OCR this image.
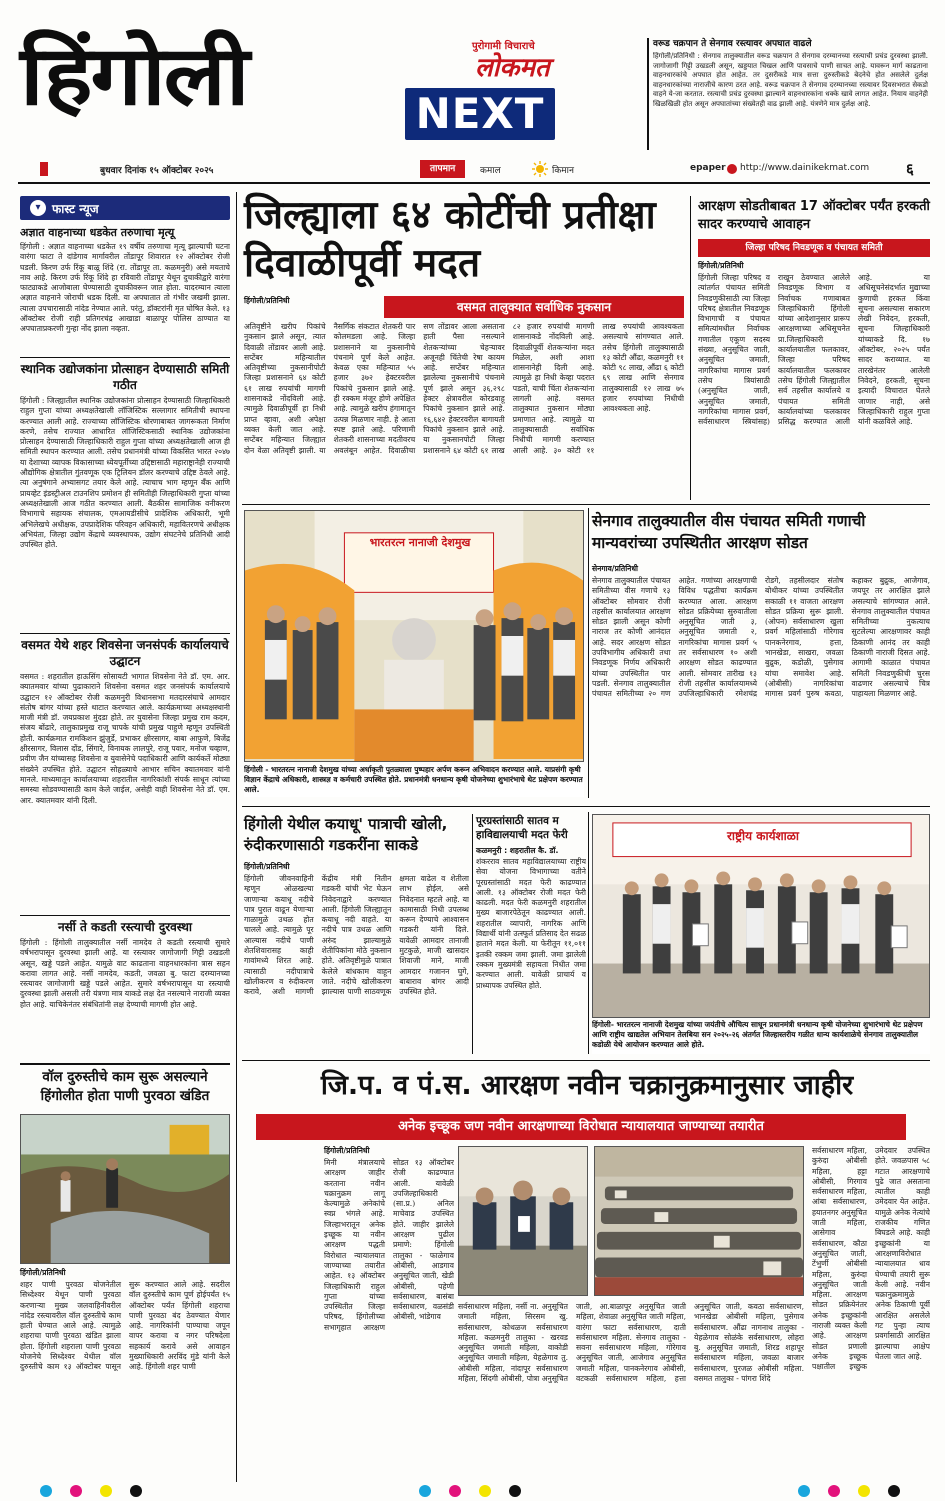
हिंगोली	पुरोगामी विचाराचे
लोकमत
NEXT
वरूड चक्रपान ते सेनगाव रस्त्यावर अपघात वाढले
हिंगोली/प्रतिनिधी : सेनगाव तालुक्यातील वरूड चक्रपान ते सेनगाव दरम्यानच्या रस्त्याची प्रचंड दुरवस्था झाली. जागोजागी गिट्टी उखडली असून, खड्डयात चिखल आणि पावसाचे पाणी साचत आहे. यावरून मार्ग काढताना वाहनधारकांचे अपघात होत आहेत. तर दुसरीकडे मात्र सत्ता दुरुस्तीकडे बेदनेचे होत असलेले दुर्लक्ष वाहनधारकांच्या नाराजीचे कारण ठरत आहे. वरूड चक्रपान ते सेनगाव दरम्यानच्या रस्त्यावर दिवसभरात सेकडो वाहने ये-जा करतात. रस्त्याची प्रचंड दुरवस्था झाल्याने वाहनधारकांना धक्के खावे लागत आहेत. नियाय वाहनेही खिळखिळी होत असून अपघातांच्या संख्येतही वाढ झाली आहे. यंत्रणेने मात्र दुर्लक्ष आहे.
बुधवार दिनांक १५ ऑक्टोबर २०२५	तापमान	कमाल	किमान	epaper http://www.dainikekmat.com ६
▾ फास्ट न्यूज
अज्ञात वाहनाच्या धडकेत तरुणाचा मृत्यू
हिंगोली : अज्ञात वाहनाच्या धडकेत १९ वर्षीय तरुणाचा मृत्यू झाल्याची घटना वारंगा फाटा ते दांडेगाव मार्गावरील तोंडापूर शिवारात १२ ऑक्टोबर रोजी घडली. किरण उर्फ रिंकू बाळू शिंदे (रा. तोंडापूर ता. कळमनुरी) असे मयताचे नाव आहे. किरण उर्फ रिंकू शिंदे हा रविवारी तोंडापूर येथून दुचाकीद्वारे वारंगा फाट्याकडे आजोबाला घेण्यासाठी दुचाकीवरून जात होता. यादरम्यान त्याला अज्ञात वाहनाने जोराची धडक दिली. या अपघातात तो गंभीर जखमी झाला. त्याला उपचारासाठी नांदेड नेण्यात आले. परंतु, डॉक्टरांनी मृत घोषित केले. १३ ऑक्टोबर रोजी राही प्रतिगरचंद्र आखाडा बाळापूर पोलिस ठाण्यात या अपघाताप्रकरणी गुन्हा नोंद झाला नव्हता.
स्थानिक उद्योजकांना प्रोत्साहन देण्यासाठी समिती गठीत
हिंगोली : जिल्ह्यातील स्थानिक उद्योजकांना प्रोत्साहन देण्यासाठी जिल्हाधिकारी राहुल गुप्ता यांच्या अध्यक्षतेखाली लॉजिस्टिक सल्लागार समितीची स्थापना करण्यात आली आहे. राज्याच्या लॉजिस्टिक धोरणाबाबत जागरूकता निर्माण करणे, तसेच राज्यात आधारित लॉजिस्टिकसाठी स्थानिक उद्योजकांना प्रोत्साहन देण्यासाठी जिल्हाधिकारी राहुल गुप्ता यांच्या अध्यक्षतेखाली आज ही समिती स्थापन करण्यात आली. तसेच प्रधानमंत्री यांच्या विकसित भारत २०४७ या देशाच्या व्यापक विकासाच्या ध्येयपूर्तीच्या उद्दिष्टासाठी महाराष्ट्रानेही राज्याची औद्योगिक क्षेत्रातील गुंतवणूक एक ट्रिलियन डॉलर करण्याचे उद्दिष्ट ठेवले आहे. त्या अनुषंगाने अभ्यासगट तयार केले आहे. त्याचाच भाग म्हणून बँक आणि प्रायव्हेट इंडस्ट्रीअल टाउनशिप प्रमोशन ही समितीही जिल्हाधिकारी गुप्ता यांच्या अध्यक्षतेखाली आज गठीत करण्यात आली. बैठकीस सामाजिक वनीकरण विभागाचे सहायक संचालक, एमआयडीसीचे प्रादेशिक अधिकारी, भूमी अभिलेखचे अधीक्षक, उपप्रादेशिक परिवहन अधिकारी, महावितरणचे अधीक्षक अभियंता, जिल्हा उद्योग केंद्राचे व्यवस्थापक, उद्योग संघटनेचे प्रतिनिधी आदी उपस्थित होते.
वसमत येथे शहर शिवसेना जनसंपर्क कार्यालयाचे उद्घाटन
वसमत : शहरातील हाऊसिंग सोसायटी भागात शिवसेना नेते डॉ. एम. आर. क्यातमवार यांच्या पुढाकाराने शिवसेना वसमत शहर जनसंपर्क कार्यालयाचे उद्घाटन १२ ऑक्टोबर रोजी कळमनुरी विधानसभा मतदारसंघाचे आमदार संतोष बांगर यांच्या हस्ते थाटात करण्यात आले. कार्यक्रमाच्या अध्यक्षस्थानी माजी मंत्री डॉ. जयप्रकाश मुंदडा होते. तर युवासेना जिल्हा प्रमुख राम कदम, संजय बोंढारे, तालुकाप्रमुख राजू चापके यांची प्रमुख पाहुणे म्हणून उपस्थिती होती. कार्यक्रमात रामकिशन झुंजुर्डे, प्रभाकर क्षीरसागर, बाबा आफुणे, बिजेंद्र क्षीरसागर, विलास दोंड, सिंगारे, विनायक लालपुरे, राजू पवार, मनोज चव्हाण, प्रवीण जैन यांच्यासह शिवसेना व युवासेनेचे पदाधिकारी आणि कार्यकर्ते मोठ्या संख्येने उपस्थित होते. उद्घाटन सोहळ्याचे आभार सचिन क्यातमवार यांनी मानले. माध्यमातून कार्यालयाच्या शहरातील नागरिकांशी संपर्क साधून त्यांच्या समस्या सोडवण्यासाठी काम केले जाईल, असेही वाही शिवसेना नेते डॉ. एम. आर. क्यातमवार यांनी दिली.
नर्सी ते कडती रस्त्याची दुरवस्था
हिंगोली : हिंगोली तालुक्यातील नर्सी नामदेव ते कडती रस्त्याची सुमारे वर्षभरापासून दुरवस्था झाली आहे. या रस्त्यावर जागोजागी गिट्टी उखडली असून, खड्डे पडले आहेत. यामुळे वाट काढताना वाहनधारकांना त्रास सहन करावा लागत आहे. नर्सी नामदेव, कडती, जवळा बु. फाटा दरम्यानच्या रस्त्यावर जागोजागी खड्डे पडले आहेत. सुमारे वर्षभरापासून या रस्त्याची दुरवस्था झाली असली तरी यंत्रणा मात्र याकडे लक्ष देत नसल्याने नाराजी व्यक्त होत आहे. याचिकेनंतर संबंधितांनी लक्ष देण्याची मागणी होत आहे.
जिल्ह्याला ६४ कोटींची प्रतीक्षा दिवाळीपूर्वी मदत
वसमत तालुक्यात सर्वाधिक नुकसान
हिंगोली/प्रतिनिधी
अतिवृष्टीने खरीप पिकांचे नुकसान झाले असून, त्यात दिवाळी तोंडावर आली आहे. सप्टेंबर महिन्यातील अतिवृष्टीच्या नुकसानीपोटी जिल्हा प्रशासनाने ६४ कोटी ६१ लाख रुपयांची मागणी शासनाकडे नोंदविली आहे. त्यामुळे दिवाळीपूर्वी हा निधी प्राप्त व्हावा, अशी अपेक्षा व्यक्त केली जात आहे. सप्टेंबर महिन्यात जिल्ह्यात दोन वेळा अतिवृष्टी झाली. या नैसर्गिक संकटात शेतकरी पार कोलमडला आहे. जिल्हा प्रशासनाने या नुकसानीचे पंचनामे पूर्ण केले आहेत. केवळ एका महिन्यात ५५ हजार ३७२ हेक्टरवरील पिकांचे नुकसान झाले आहे. ही रक्कम मंजूर होणे अपेक्षित आहे. त्यामुळे खरीप हंगामातून उत्पन्न मिळणार नाही. हे आता स्पष्ट झाले आहे. परिणामी शेतकरी शासनाच्या मदतीवरच अवलंबून आहेत. दिवाळीचा सण तोंडावर आला असताना हाती पैसा नसल्याने शेतकऱ्यांच्या चेहऱ्यावर अजूनही चिंतेची रेषा कायम आहे. सप्टेंबर महिन्यात झालेल्या नुकसानीचे पंचनामे पूर्ण झाले असून ३६,२९८ हेक्टर क्षेत्रावरील कोरडवाहू पिकांचे नुकसान झाले आहे. १६,६४२ हेक्टरवरील बागायती पिकांचे नुकसान झाले आहे. या नुकसानपोटी जिल्हा प्रशासनाने ६४ कोटी ६१ लाख ८२ हजार रुपयांची मागणी शासनाकडे नोंदविली आहे. दिवाळीपूर्वी शेतकऱ्यांना मदत मिळेल, अशी आशा शासनानेही दिली आहे. त्यामुळे हा निधी केव्हा पदरात पडतो, याची चिंता शेतकऱ्यांना लागली आहे. वसमत तालुक्यात नुकसान मोठ्या प्रमाणात आहे. त्यामुळे या तालुक्यासाठी सर्वाधिक निधीची मागणी करण्यात आली आहे. ३० कोटी ११ लाख रुपयांची आवश्यकता असल्याचे सांगण्यात आले. तसेच हिंगोली तालुक्यासाठी १३ कोटी औंढा, कळमनुरी ११ कोटी ९८ लाख, औंढा ६ कोटी ६९ लाख आणि सेनगाव तालुक्यासाठी १२ लाख ७५ हजार रुपयांच्या निधीची आवश्यकता आहे.
आरक्षण सोडतीबाबत 17 ऑक्टोबर पर्यंत हरकती सादर करण्याचे आवाहन
जिल्हा परिषद निवडणूक व पंचायत समिती
हिंगोली/प्रतिनिधी
हिंगोली जिल्हा परिषद व त्यांतर्गत पंचायत समिती निवडणुकीसाठी त्या जिल्हा परिषद क्षेत्रातील निवडणूक विभागाची व पंचायत समित्यांमधील निर्वाचक गणातील एकूण सदस्य संख्या, अनुसूचित जाती, अनुसूचित जमाती, नागरिकांचा मागास प्रवर्ग तसेच त्रियांसाठी (अनुसूचित जाती, अनुसूचित जमाती, नागरिकांचा मागास प्रवर्ग, सर्वसाधारण स्त्रियांसह) राखून ठेवण्यात आलेले निवडणूक विभाग व निर्वाचक गणाबाबत जिल्हाधिकारी हिंगोली यांच्या आदेशानुसार प्रारूप आरक्षणाच्या अधिसूचनेत प्रा.जिल्हाधिकारी कार्यालयातील फलकावर, जिल्हा परिषद कार्यालयातील फलकावर तसेच हिंगोली जिल्ह्यातील सर्व तहसील कार्यालये व पंचायत समिती कार्यालयांच्या फलकावर प्रसिद्ध करण्यात आली आहे. या अधिसूचनेसंदर्भात मुद्याच्या कुणाची हरकत किंवा सूचना असल्यास सकारण लेखी निवेदन, हरकती, सूचना जिल्हाधिकारी यांच्याकडे दि. १७ ऑक्टोबर, २०२५ पर्यंत सादर कराव्यात. या तारखेनंतर आलेली निवेदने, हरकती, सूचना इत्यादी विचारात घेतले जाणार नाही, असे जिल्हाधिकारी राहुल गुप्ता यांनी कळविले आहे.
भारतरत्न नानाजी देशमुख
हिंगोली - भारतरत्न नानाजी देशमुख यांच्या अर्धाकृती पुतळ्याला पुष्पहार अर्पण करून अभिवादन करण्यात आले. याप्रसंगी कृषी विज्ञान केंद्राचे अधिकारी, शास्त्रज्ञ व कर्मचारी उपस्थित होते. प्रधानमंत्री धनधान्य कृषी योजनेच्या शुभारंभाचे थेट प्रक्षेपण करण्यात आले.
सेनगाव तालुक्यातील वीस पंचायत समिती गणाची मान्यवरांच्या उपस्थितीत आरक्षण सोडत
सेनगाव/प्रतिनिधी
सेनगाव तालुक्यातील पंचायत समितीच्या वीस गणाचे १३ ऑक्टोबर सोमवार रोजी तहसील कार्यालयात आरक्षण सोडत झाली असून कोणी नाराज तर कोणी आनंदात आहे. सदर आरक्षण सोडत उपविभागीय अधिकारी तथा निवडणूक निर्णय अधिकारी यांच्या उपस्थितीत पार पडली. सेनगाव तालुक्यातील पंचायत समितीच्या २० गण आहेत. गणांच्या आरक्षणाची विविध पद्धतीचा कार्यक्रम करण्यात आला. आरक्षण सोडत प्रक्रियेच्या सुरुवातीला अनुसूचित जाती ३, अनुसूचित जमाती २, नागरिकांचा मागास प्रवर्ग ५ तर सर्वसाधारण १० अशी आरक्षण सोडत काढण्यात आली. सोमवार तारीख १३ रोजी तहसील कार्यालयामध्ये उपजिल्हाधिकारी रमेशचंद्र रोडगे, तहसीलदार संतोष बोथीकर यांच्या उपस्थितीत सकाळी ११ वाजता आरक्षण सोडत प्रक्रिया सुरू झाली. (ओपन) सर्वसाधारण खुला प्रवर्ग महिलांसाठी गोरेगाव पानकनेरगाव, हत्ता, भानखेडा, साखरा, जवळा बुद्रुक, कडोळी, पुसेगाव यांचा समावेश आहे. (ओबीसी) नागरिकांचा मागास प्रवर्ग पुरुष कवठा, कहाकर बुद्रुक, आजेगाव, जयपूर तर आरक्षित झाले असल्याचे सांगण्यात आले. सेनगाव तालुक्यातील पंचायत समितीच्या नुकत्याच सुटलेल्या आरक्षणावर काही ठिकाणी आनंद तर काही ठिकाणी नाराजी दिसत आहे. आगामी काळात पंचायत समिती निवडणुकीची चुरस वाढणार असल्याचे चित्र पाहायला मिळणार आहे.
हिंगोली येथील कयाधू' पात्राची खोली, रुंदीकरणासाठी गडकरींना साकडे
हिंगोली/प्रतिनिधी
हिंगोली जीवनवाहिनी म्हणून ओळखल्या जाणाऱ्या कयाधू नदीचे पात्र पुरात वाढून येणाऱ्या गाळामुळे उथळ होत चालले आहे. त्यामुळे पूर आल्यास नदीचे पाणी शेतशिवारासह काही गावांमध्ये शिरत आहे. त्यासाठी नदीपात्राचे खोलीकरण व रुंदीकरण करावे, अशी मागणी केंद्रीय मंत्री नितीन गडकरी यांची भेट घेऊन निवेदनाद्वारे करण्यात आली. हिंगोली जिल्ह्यातून कयाधू नदी वाहते. या नदीचे पात्र उथळ आणि अरुंद झाल्यामुळे शेतीपिकांना मोठे नुकसान होते. अतिवृष्टीमुळे पात्रात केलेले बांधकाम वाहून जाते. नदीचे खोलीकरण झाल्यास पाणी साठवणूक क्षमता वाढेल व शेतीला लाभ होईल, असे निवेदनात म्हटले आहे. या कामासाठी निधी उपलब्ध करून देण्याचे आश्वासन गडकरी यांनी दिले. यावेळी आमदार तानाजी मुटकुळे, माजी खासदार शिवाजी माने, माजी आमदार गजानन घुगे, बाबाराव बांगर आदी उपस्थित होते.
पूरग्रस्तांसाठी सातव म हाविद्यालयाची मदत फेरी
कळमनुरी : शहरातील कै. डॉ.
शंकरराव सातव महाविद्यालयाच्या राष्ट्रीय सेवा योजना विभागाच्या वतीने पूरग्रस्तांसाठी मदत फेरी काढण्यात आली. १३ ऑक्टोबर रोजी मदत फेरी काढली. मदत फेरी कळमनुरी शहरातील मुख्य बाजारपेठेतून काढण्यात आली. शहरातील व्यापारी, नागरिक आणि विद्यार्थी यांनी उत्स्फूर्त प्रतिसाद देत सढळ हाताने मदत केली. या फेरीतून ११,०११ इतकी रक्कम जमा झाली. जमा झालेली रक्कम मुख्यमंत्री सहायता निधीत जमा करण्यात आली. यावेळी प्राचार्य व प्राध्यापक उपस्थित होते.
राष्ट्रीय कार्यशाळा
हिंगोली- भारतरत्न नानाजी देशमुख यांच्या जयंतीचे औचित्य साधून प्रधानमंत्री धनधान्य कृषी योजनेच्या शुभारंभाचे थेट प्रक्षेपण आणि राष्ट्रीय खाद्यतेल अभियान तेलबिया सन २०२५-२६ अंतर्गत जिल्हास्तरीय गळीत धान्य कार्यशाळेचे सेनगाव तालुक्यातील कडोळी येथे आयोजन करण्यात आले होते.
वॉल दुरुस्तीचे काम सुरू असल्याने हिंगोलीत होता पाणी पुरवठा खंडित
हिंगोली/प्रतिनिधी
शहर पाणी पुरवठा योजनेतील सिध्देश्वर येथून पाणी पुरवठा करणाऱ्या मुख्य जलवाहिनीवरील नांदेड रस्त्यावरील वॉल दुरुस्तीचे काम हाती घेण्यात आले आहे. त्यामुळे शहराचा पाणी पुरवठा खंडित झाला होता. हिंगोली शहराला पाणी पुरवठा योजनेचे सिध्देश्वर येथील वॉल दुरुस्तीचे काम १३ ऑक्टोबर पासून सुरू करण्यात आले आहे. सदरील वॉल दुरुस्तीचे काम पूर्ण होईपर्यंत १५ ऑक्टोबर पर्यंत हिंगोली शहराचा पाणी पुरवठा बंद ठेवण्यात येणार आहे. नागरिकांनी पाण्याचा जपून वापर करावा व नगर परिषदेला सहकार्य करावे असे आवाहन मुख्याधिकारी अरविंद मुंडे यांनी केले आहे. हिंगोली शहर पाणी
जि.प. व पं.स. आरक्षण नवीन चक्रानुक्रमानुसार जाहीर
अनेक इच्छूक जण नवीन आरक्षणाच्या विरोधात न्यायालयात जाण्याच्या तयारीत
हिंगोली/प्रतिनिधी
मिनी मंत्रालयाचे आरक्षण जाहीर करताना नवीन चक्रानुक्रम लागू केल्यामुळे अनेकांचे स्वप्न भंगले आहे. जिल्हाभरातून अनेक इच्छूक या नवीन आरक्षण पद्धती विरोधात न्यायालयात जाण्याच्या तयारीत आहेत. १३ ऑक्टोबर जिल्हाधिकारी राहुल गुप्ता यांच्या उपस्थितीत जिल्हा परिषद, हिंगोलीच्या सभागृहात आरक्षण सोडत १३ ऑक्टोबर रोजी काढण्यात आली. यावेळी उपजिल्हाधिकारी (सा.प्र.) अनिल माचेवाड उपस्थित होते. जाहीर झालेले आरक्षण पुढील प्रमाणे: हिंगोली तालुका - फाळेगाव ओबीसी, आडगाव अनुसूचित जाती, खेडी ओबीसी, पहेणी सर्वसाधारण, बासंबा सर्वसाधारण, वळसंडी ओबीसी, भांडेगाव
सर्वसाधारण महिला, नर्सी ना. अनुसूचित जमाती महिला, सिरसम खु. सर्वसाधारण, कोथळज सर्वसाधारण महिला. कळमनुरी तालुका - खरवड अनुसूचित जमाती महिला, वाकोडी अनुसूचित जमाती महिला, येहळेगाव तु. ओबीसी महिला, नांदापूर सर्वसाधारण महिला, सिंदगी ओबीसी, पोत्रा अनुसूचित जाती, आ.बाळापूर अनुसूचित जाती महिला, शेवाळा अनुसूचित जाती महिला, वारंगा फाटा सर्वसाधारण, दाती सर्वसाधारण महिला. सेनगाव तालुका - सवना सर्वसाधारण महिला, गोरेगाव अनुसूचित जाती, आजेगाव अनुसूचित जमाती महिला, पानकनेरगाव ओबीसी, वटकळी सर्वसाधारण महिला, हत्ता अनुसूचित जाती, कवठा सर्वसाधारण, भानखेडा ओबीसी महिला, पुसेगाव सर्वसाधारण. औंढा नागनाथ तालुका - येहळेगाव सोळंके सर्वसाधारण, लोहरा बु. अनुसूचित जमाती, शिरड शहापूर सर्वसाधारण महिला, जवळा बाजार सर्वसाधारण, पुरजळ ओबीसी महिला. वसमत तालुका - पांगरा शिंदे
सर्वसाधारण महिला, कुरुंदा ओबीसी महिला, हट्टा ओबीसी, गिरगाव सर्वसाधारण महिला, आंबा सर्वसाधारण, हयातनगर अनुसूचित जाती महिला, आसेगाव सर्वसाधारण, कौठा अनुसूचित जाती, टेंभुर्णी ओबीसी महिला, कुरुंदा अनुसूचित जाती महिला. आरक्षण सोडत प्रक्रियेनंतर अनेक इच्छुकांनी नाराजी व्यक्त केली आहे. आरक्षण सोडत प्रणाली अनेक इच्छूक पक्षातील इच्छुक उमेदवार उपस्थित होते. जवळपास ५८ गटात आरक्षणाचे पुढे जात असताना त्यातील काही उमेदवार येत आहेत. यामुळे अनेक नेत्यांचे राजकीय गणित बिघडले आहे. काही इच्छुकांनी या आरक्षणाविरोधात न्यायालयात धाव घेण्याची तयारी सुरू केली आहे. नवीन चक्रानुक्रमामुळे अनेक ठिकाणी पूर्वी आरक्षित असलेले गट पुन्हा त्याच प्रवर्गासाठी आरक्षित झाल्याचा आक्षेप घेतला जात आहे.
